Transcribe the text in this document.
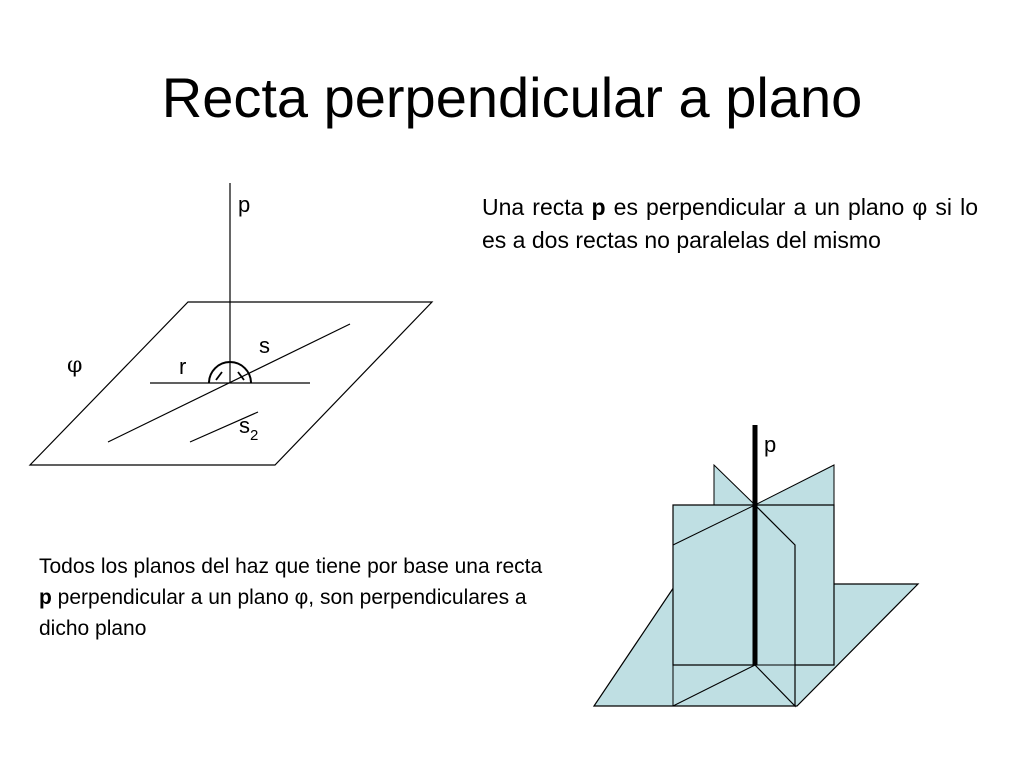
Recta perpendicular a plano
Una recta p es perpendicular a un plano φ si lo es a dos rectas no paralelas del mismo
Todos los planos del haz que tiene por base una recta p perpendicular a un plano φ, son perpendiculares a dicho plano
p
s
r
φ
$s_2$	p
